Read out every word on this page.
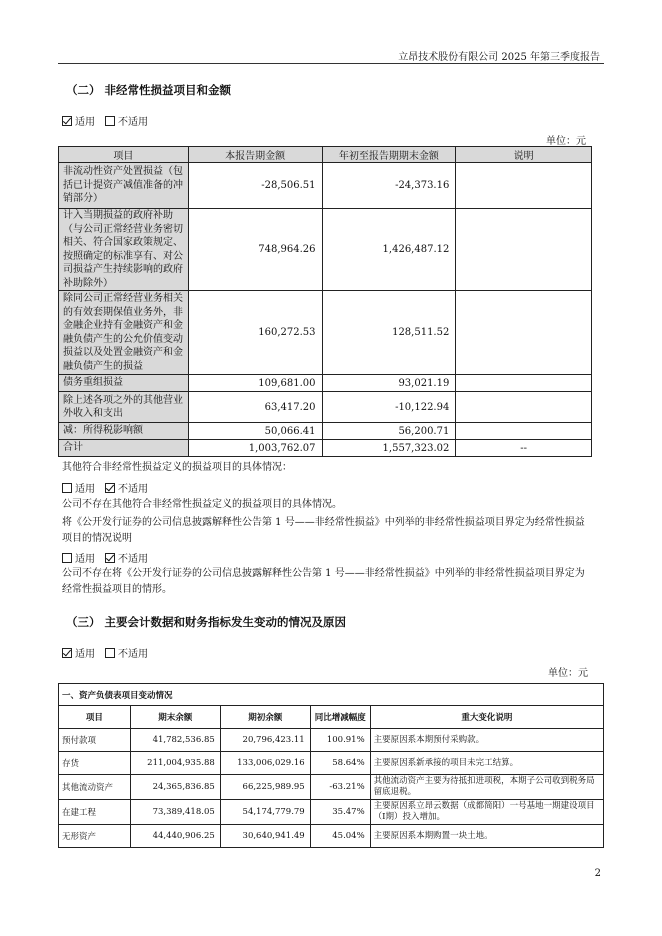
立昂技术股份有限公司 2025 年第三季度报告
（二） 非经常性损益项目和金额
适用 不适用
单位：元
项目	本报告期金额	年初至报告期期末金额	说明
非流动性资产处置损益（包括已计提资产减值准备的冲销部分）	-28,506.51	-24,373.16	
计入当期损益的政府补助（与公司正常经营业务密切相关、符合国家政策规定、按照确定的标准享有、对公司损益产生持续影响的政府补助除外）	748,964.26	1,426,487.12	
除同公司正常经营业务相关的有效套期保值业务外，非金融企业持有金融资产和金融负债产生的公允价值变动损益以及处置金融资产和金融负债产生的损益	160,272.53	128,511.52	
债务重组损益	109,681.00	93,021.19	
除上述各项之外的其他营业外收入和支出	63,417.20	-10,122.94	
减：所得税影响额	50,066.41	56,200.71	
合计	1,003,762.07	1,557,323.02	--
其他符合非经常性损益定义的损益项目的具体情况：
适用 不适用
公司不存在其他符合非经常性损益定义的损益项目的具体情况。
将《公开发行证券的公司信息披露解释性公告第 1 号——非经常性损益》中列举的非经常性损益项目界定为经常性损益项目的情况说明
适用 不适用
公司不存在将《公开发行证券的公司信息披露解释性公告第 1 号——非经常性损益》中列举的非经常性损益项目界定为经常性损益项目的情形。
（三） 主要会计数据和财务指标发生变动的情况及原因
适用 不适用
单位：元
一、资产负债表项目变动情况				
项目	期末余额	期初余额	同比增减幅度	重大变化说明
预付款项	41,782,536.85	20,796,423.11	100.91%	主要原因系本期预付采购款。
存货	211,004,935.88	133,006,029.16	58.64%	主要原因系新承接的项目未完工结算。
其他流动资产	24,365,836.85	66,225,989.95	-63.21%	其他流动资产主要为待抵扣进项税，本期子公司收到税务局留底退税。
在建工程	73,389,418.05	54,174,779.79	35.47%	主要原因系立昂云数据（成都简阳）一号基地一期建设项目（Ⅰ期）投入增加。
无形资产	44,440,906.25	30,640,941.49	45.04%	主要原因系本期购置一块土地。
2
